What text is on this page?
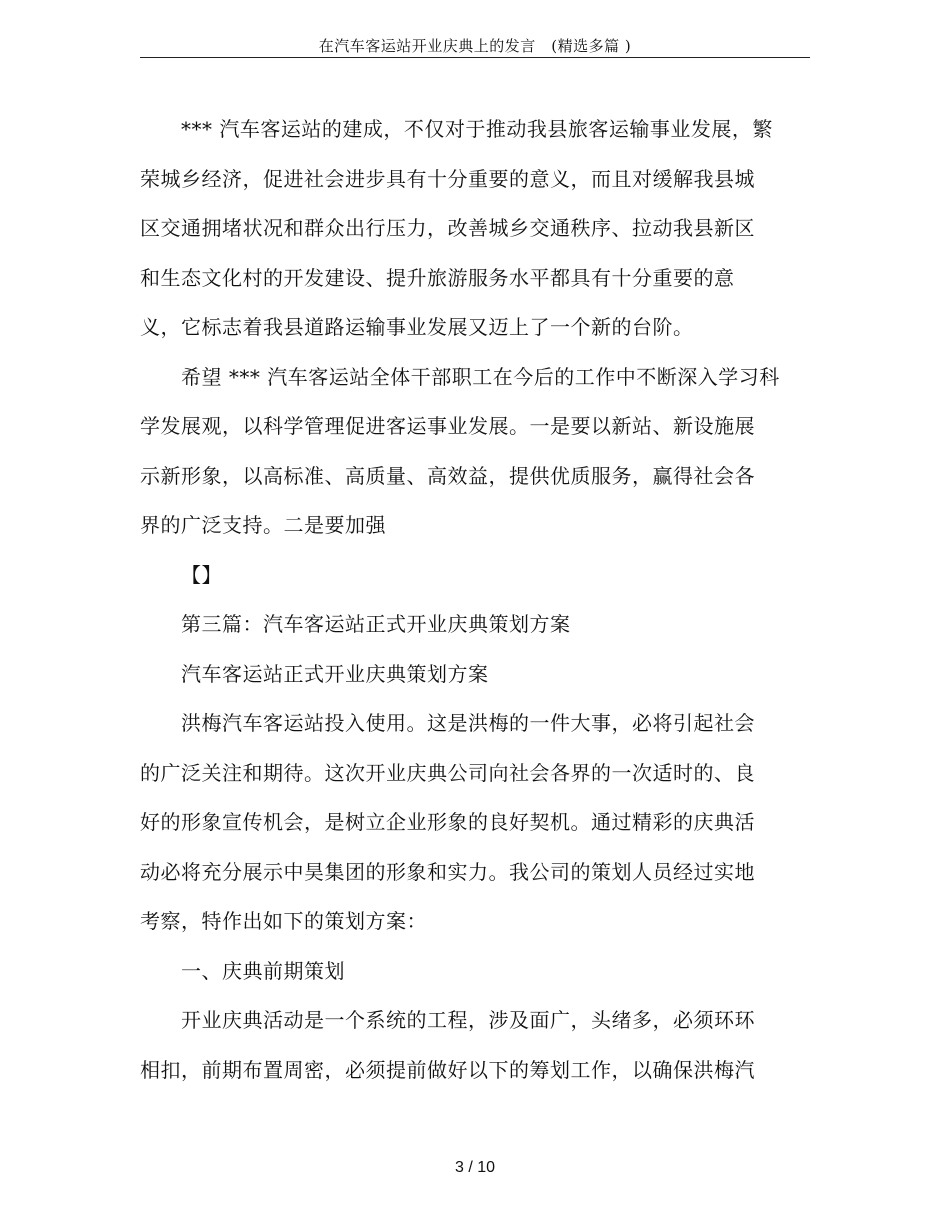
在汽车客运站开业庆典上的发言　(精选多篇 )
*** 汽车客运站的建成，不仅对于推动我县旅客运输事业发展，繁
荣城乡经济，促进社会进步具有十分重要的意义，而且对缓解我县城
区交通拥堵状况和群众出行压力，改善城乡交通秩序、拉动我县新区
和生态文化村的开发建设、提升旅游服务水平都具有十分重要的意
义，它标志着我县道路运输事业发展又迈上了一个新的台阶。
希望 *** 汽车客运站全体干部职工在今后的工作中不断深入学习科
学发展观，以科学管理促进客运事业发展。一是要以新站、新设施展
示新形象，以高标准、高质量、高效益，提供优质服务，赢得社会各
界的广泛支持。二是要加强
【】
第三篇：汽车客运站正式开业庆典策划方案
汽车客运站正式开业庆典策划方案
洪梅汽车客运站投入使用。这是洪梅的一件大事，必将引起社会
的广泛关注和期待。这次开业庆典公司向社会各界的一次适时的、良
好的形象宣传机会，是树立企业形象的良好契机。通过精彩的庆典活
动必将充分展示中昊集团的形象和实力。我公司的策划人员经过实地
考察，特作出如下的策划方案：
一、庆典前期策划
开业庆典活动是一个系统的工程，涉及面广，头绪多，必须环环
相扣，前期布置周密，必须提前做好以下的筹划工作，以确保洪梅汽
3 / 10
